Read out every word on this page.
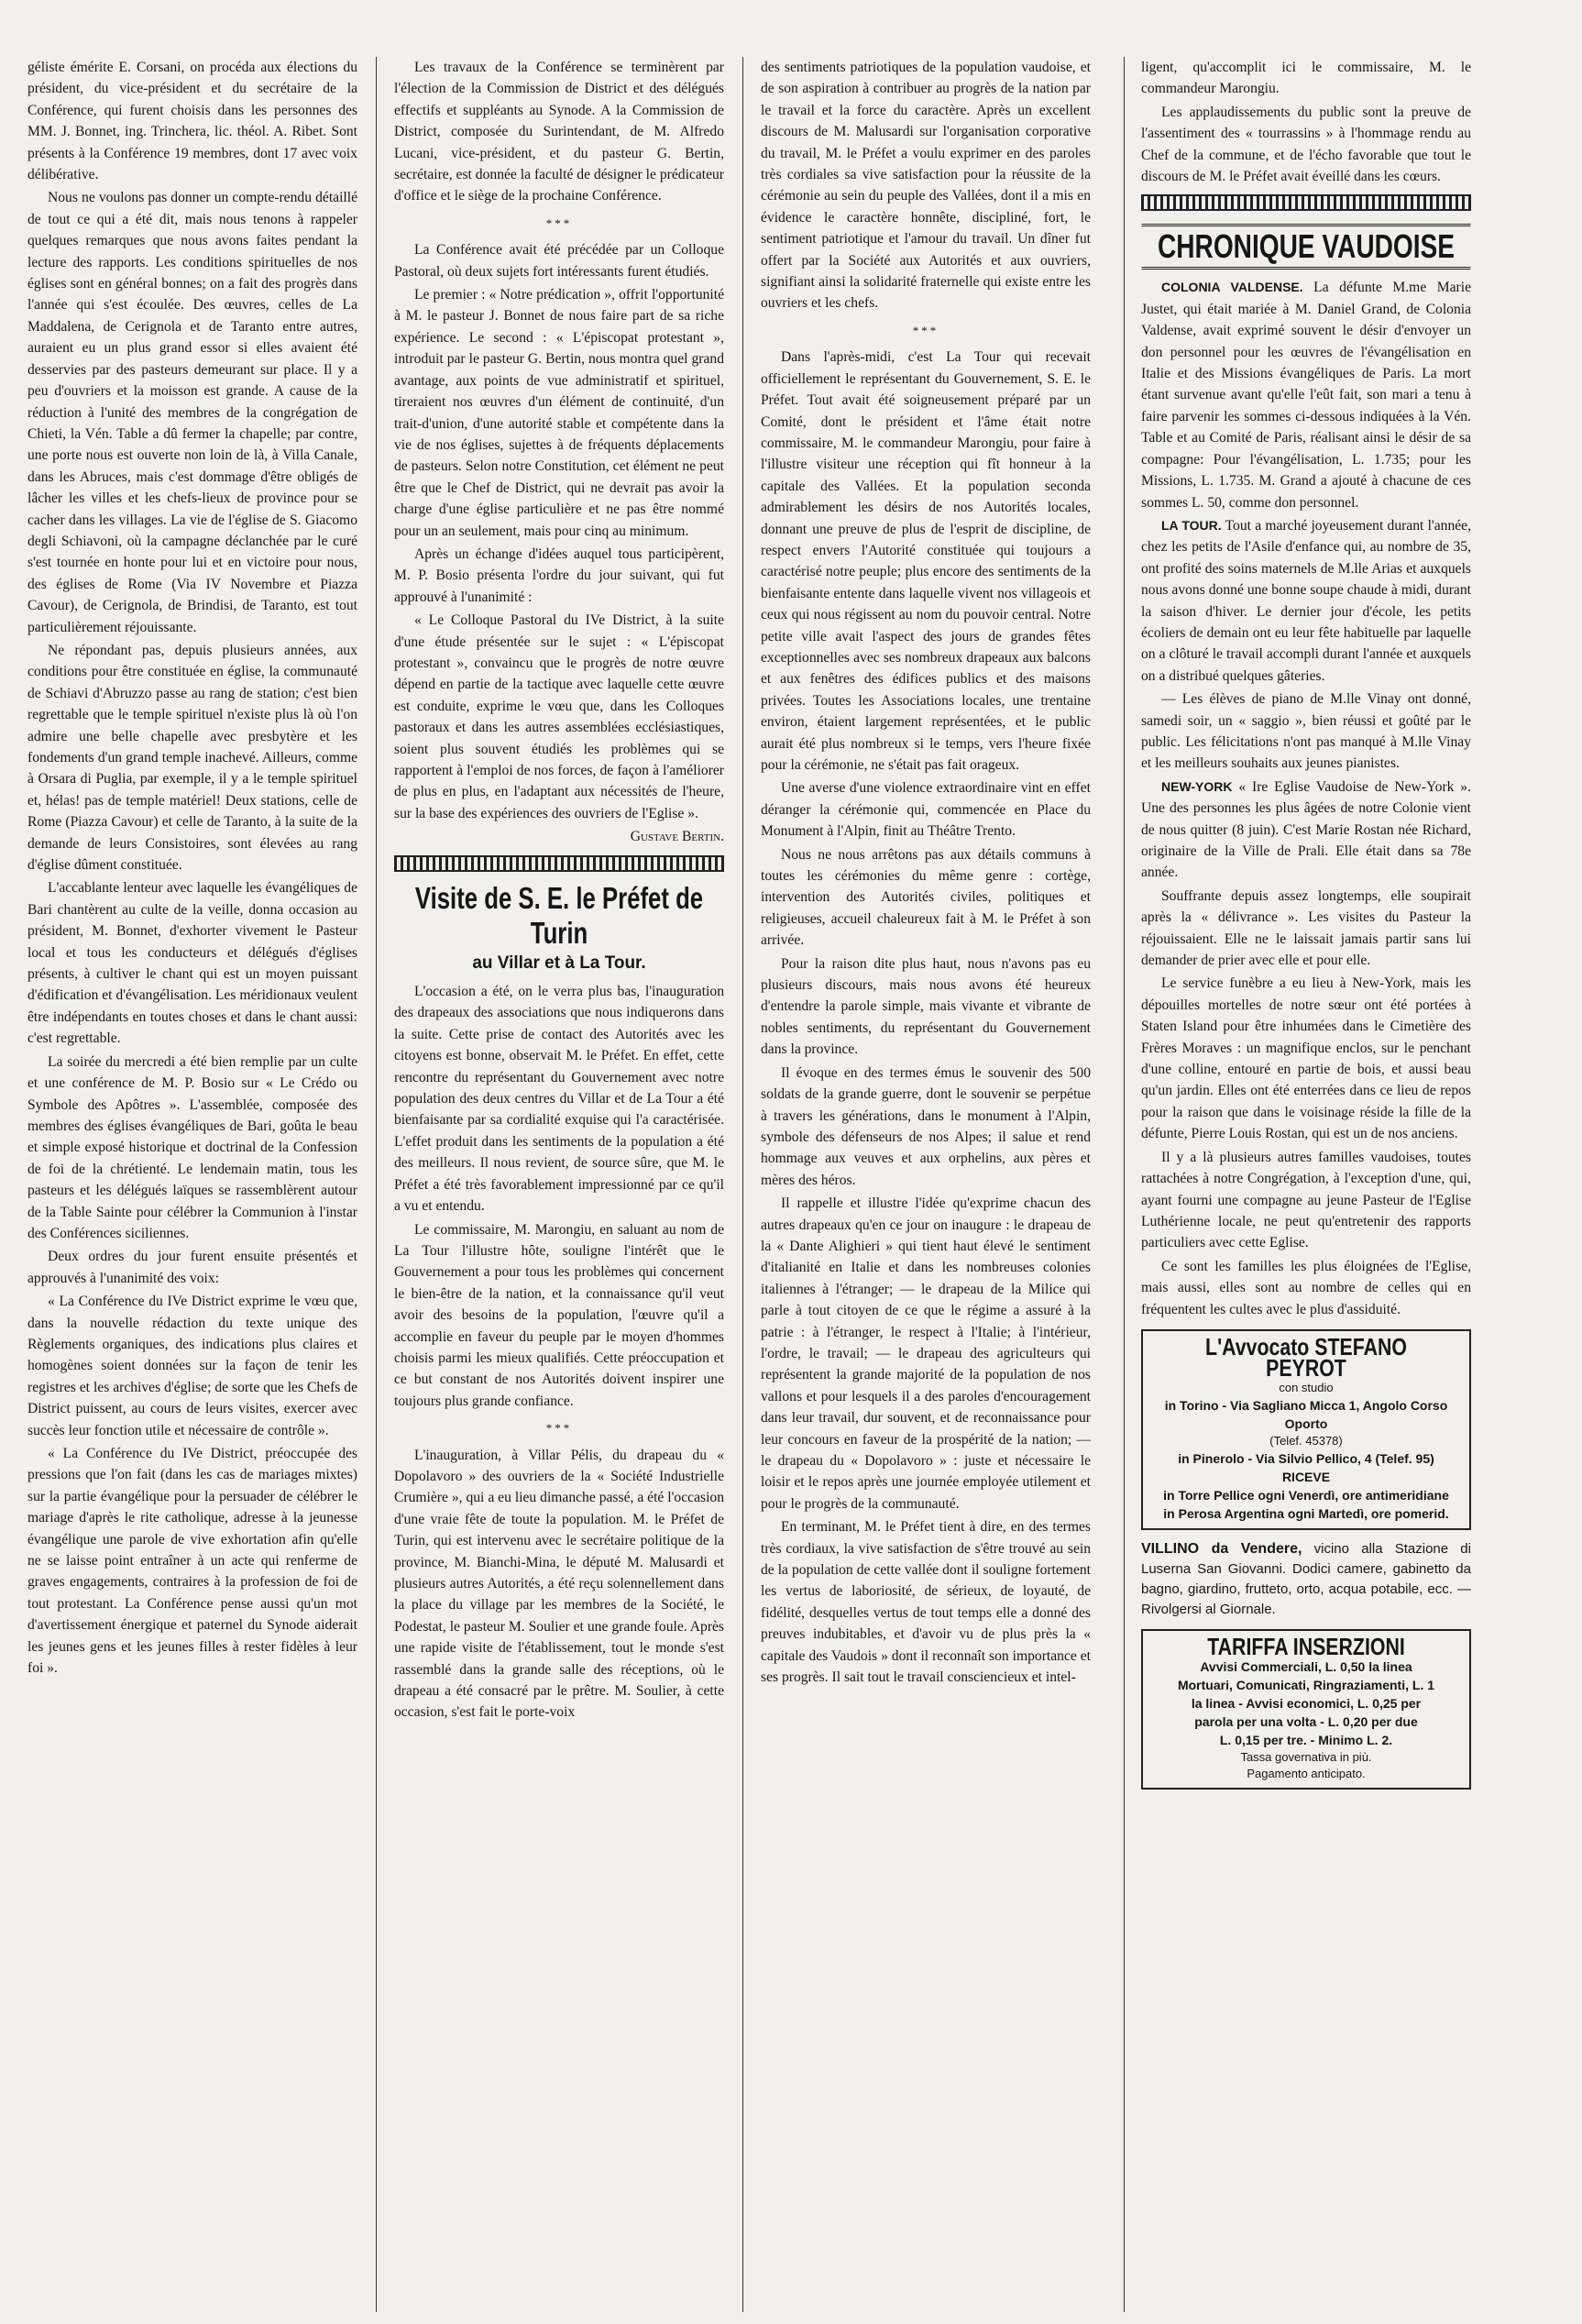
géliste émérite E. Corsani, on procéda aux élections du président, du vice-président et du secrétaire de la Conférence, qui furent choisis dans les personnes des MM. J. Bonnet, ing. Trinchera, lic. théol. A. Ribet. Sont présents à la Conférence 19 membres, dont 17 avec voix délibérative.

Nous ne voulons pas donner un compte-rendu détaillé de tout ce qui a été dit, mais nous tenons à rappeler quelques remarques que nous avons faites pendant la lecture des rapports. Les conditions spirituelles de nos églises sont en général bonnes; on a fait des progrès dans l'année qui s'est écoulée. Des œuvres, celles de La Maddalena, de Cerignola et de Taranto entre autres, auraient eu un plus grand essor si elles avaient été desservies par des pasteurs demeurant sur place. Il y a peu d'ouvriers et la moisson est grande. A cause de la réduction à l'unité des membres de la congrégation de Chieti, la Vén. Table a dû fermer la chapelle; par contre, une porte nous est ouverte non loin de là, à Villa Canale, dans les Abruces, mais c'est dommage d'être obligés de lâcher les villes et les chefs-lieux de province pour se cacher dans les villages. La vie de l'église de S. Giacomo degli Schiavoni, où la campagne déclanchée par le curé s'est tournée en honte pour lui et en victoire pour nous, des églises de Rome (Via IV Novembre et Piazza Cavour), de Cerignola, de Brindisi, de Taranto, est tout particulièrement réjouissante.

Ne répondant pas, depuis plusieurs années, aux conditions pour être constituée en église, la communauté de Schiavi d'Abruzzo passe au rang de station; c'est bien regrettable que le temple spirituel n'existe plus là où l'on admire une belle chapelle avec presbytère et les fondements d'un grand temple inachevé. Ailleurs, comme à Orsara di Puglia, par exemple, il y a le temple spirituel et, hélas! pas de temple matériel! Deux stations, celle de Rome (Piazza Cavour) et celle de Taranto, à la suite de la demande de leurs Consistoires, sont élevées au rang d'église dûment constituée.

L'accablante lenteur avec laquelle les évangéliques de Bari chantèrent au culte de la veille, donna occasion au président, M. Bonnet, d'exhorter vivement le Pasteur local et tous les conducteurs et délégués d'églises présents, à cultiver le chant qui est un moyen puissant d'édification et d'évangélisation. Les méridionaux veulent être indépendants en toutes choses et dans le chant aussi: c'est regrettable.

La soirée du mercredi a été bien remplie par un culte et une conférence de M. P. Bosio sur « Le Crédo ou Symbole des Apôtres ». L'assemblée, composée des membres des églises évangéliques de Bari, goûta le beau et simple exposé historique et doctrinal de la Confession de foi de la chrétienté. Le lendemain matin, tous les pasteurs et les délégués laïques se rassemblèrent autour de la Table Sainte pour célébrer la Communion à l'instar des Conférences siciliennes.

Deux ordres du jour furent ensuite présentés et approuvés à l'unanimité des voix:

« La Conférence du IVe District exprime le vœu que, dans la nouvelle rédaction du texte unique des Règlements organiques, des indications plus claires et homogènes soient données sur la façon de tenir les registres et les archives d'église; de sorte que les Chefs de District puissent, au cours de leurs visites, exercer avec succès leur fonction utile et nécessaire de contrôle ».

« La Conférence du IVe District, préoccupée des pressions que l'on fait (dans les cas de mariages mixtes) sur la partie évangélique pour la persuader de célébrer le mariage d'après le rite catholique, adresse à la jeunesse évangélique une parole de vive exhortation afin qu'elle ne se laisse point entraîner à un acte qui renferme de graves engagements, contraires à la profession de foi de tout protestant. La Conférence pense aussi qu'un mot d'avertissement énergique et paternel du Synode aiderait les jeunes gens et les jeunes filles à rester fidèles à leur foi ».

Les travaux de la Conférence se terminèrent par l'élection de la Commission de District et des délégués effectifs et suppléants au Synode. A la Commission de District, composée du Surintendant, de M. Alfredo Lucani, vice-président, et du pasteur G. Bertin, secrétaire, est donnée la faculté de désigner le prédicateur d'office et le siège de la prochaine Conférence.

***

La Conférence avait été précédée par un Colloque Pastoral, où deux sujets fort intéressants furent étudiés.

Le premier : « Notre prédication », offrit l'opportunité à M. le pasteur J. Bonnet de nous faire part de sa riche expérience. Le second : « L'épiscopat protestant », introduit par le pasteur G. Bertin, nous montra quel grand avantage, aux points de vue administratif et spirituel, tireraient nos œuvres d'un élément de continuité, d'un trait-d'union, d'une autorité stable et compétente dans la vie de nos églises, sujettes à de fréquents déplacements de pasteurs. Selon notre Constitution, cet élément ne peut être que le Chef de District, qui ne devrait pas avoir la charge d'une église particulière et ne pas être nommé pour un an seulement, mais pour cinq au minimum.

Après un échange d'idées auquel tous participèrent, M. P. Bosio présenta l'ordre du jour suivant, qui fut approuvé à l'unanimité :

« Le Colloque Pastoral du IVe District, à la suite d'une étude présentée sur le sujet : « L'épiscopat protestant », convaincu que le progrès de notre œuvre dépend en partie de la tactique avec laquelle cette œuvre est conduite, exprime le vœu que, dans les Colloques pastoraux et dans les autres assemblées ecclésiastiques, soient plus souvent étudiés les problèmes qui se rapportent à l'emploi de nos forces, de façon à l'améliorer de plus en plus, en l'adaptant aux nécessités de l'heure, sur la base des expériences des ouvriers de l'Eglise ».

Gustave Bertin.
Visite de S. E. le Préfet de Turin
au Villar et à La Tour.

L'occasion a été, on le verra plus bas, l'inauguration des drapeaux des associations que nous indiquerons dans la suite. Cette prise de contact des Autorités avec les citoyens est bonne, observait M. le Préfet. En effet, cette rencontre du représentant du Gouvernement avec notre population des deux centres du Villar et de La Tour a été bienfaisante par sa cordialité exquise qui l'a caractérisée. L'effet produit dans les sentiments de la population a été des meilleurs. Il nous revient, de source sûre, que M. le Préfet a été très favorablement impressionné par ce qu'il a vu et entendu.

Le commissaire, M. Marongiu, en saluant au nom de La Tour l'illustre hôte, souligne l'intérêt que le Gouvernement a pour tous les problèmes qui concernent le bien-être de la nation, et la connaissance qu'il veut avoir des besoins de la population, l'œuvre qu'il a accomplie en faveur du peuple par le moyen d'hommes choisis parmi les mieux qualifiés. Cette préoccupation et ce but constant de nos Autorités doivent inspirer une toujours plus grande confiance.

***

L'inauguration, à Villar Pélis, du drapeau du « Dopolavoro » des ouvriers de la « Société Industrielle Crumière », qui a eu lieu dimanche passé, a été l'occasion d'une vraie fête de toute la population. M. le Préfet de Turin, qui est intervenu avec le secrétaire politique de la province, M. Bianchi-Mina, le député M. Malusardi et plusieurs autres Autorités, a été reçu solennellement dans la place du village par les membres de la Société, le Podestat, le pasteur M. Soulier et une grande foule. Après une rapide visite de l'établissement, tout le monde s'est rassemblé dans la grande salle des réceptions, où le drapeau a été consacré par le prêtre. M. Soulier, à cette occasion, s'est fait le porte-voix

des sentiments patriotiques de la population vaudoise, et de son aspiration à contribuer au progrès de la nation par le travail et la force du caractère. Après un excellent discours de M. Malusardi sur l'organisation corporative du travail, M. le Préfet a voulu exprimer en des paroles très cordiales sa vive satisfaction pour la réussite de la cérémonie au sein du peuple des Vallées, dont il a mis en évidence le caractère honnête, discipliné, fort, le sentiment patriotique et l'amour du travail. Un dîner fut offert par la Société aux Autorités et aux ouvriers, signifiant ainsi la solidarité fraternelle qui existe entre les ouvriers et les chefs.

***

Dans l'après-midi, c'est La Tour qui recevait officiellement le représentant du Gouvernement, S. E. le Préfet. Tout avait été soigneusement préparé par un Comité, dont le président et l'âme était notre commissaire, M. le commandeur Marongiu, pour faire à l'illustre visiteur une réception qui fît honneur à la capitale des Vallées. Et la population seconda admirablement les désirs de nos Autorités locales, donnant une preuve de plus de l'esprit de discipline, de respect envers l'Autorité constituée qui toujours a caractérisé notre peuple; plus encore des sentiments de la bienfaisante entente dans laquelle vivent nos villageois et ceux qui nous régissent au nom du pouvoir central. Notre petite ville avait l'aspect des jours de grandes fêtes exceptionnelles avec ses nombreux drapeaux aux balcons et aux fenêtres des édifices publics et des maisons privées. Toutes les Associations locales, une trentaine environ, étaient largement représentées, et le public aurait été plus nombreux si le temps, vers l'heure fixée pour la cérémonie, ne s'était pas fait orageux.

Une averse d'une violence extraordinaire vint en effet déranger la cérémonie qui, commencée en Place du Monument à l'Alpin, finit au Théâtre Trento.

Nous ne nous arrêtons pas aux détails communs à toutes les cérémonies du même genre : cortège, intervention des Autorités civiles, politiques et religieuses, accueil chaleureux fait à M. le Préfet à son arrivée.

Pour la raison dite plus haut, nous n'avons pas eu plusieurs discours, mais nous avons été heureux d'entendre la parole simple, mais vivante et vibrante de nobles sentiments, du représentant du Gouvernement dans la province.

Il évoque en des termes émus le souvenir des 500 soldats de la grande guerre, dont le souvenir se perpétue à travers les générations, dans le monument à l'Alpin, symbole des défenseurs de nos Alpes; il salue et rend hommage aux veuves et aux orphelins, aux pères et mères des héros.

Il rappelle et illustre l'idée qu'exprime chacun des autres drapeaux qu'en ce jour on inaugure : le drapeau de la « Dante Alighieri » qui tient haut élevé le sentiment d'italianité en Italie et dans les nombreuses colonies italiennes à l'étranger; — le drapeau de la Milice qui parle à tout citoyen de ce que le régime a assuré à la patrie : à l'étranger, le respect à l'Italie; à l'intérieur, l'ordre, le travail; — le drapeau des agriculteurs qui représentent la grande majorité de la population de nos vallons et pour lesquels il a des paroles d'encouragement dans leur travail, dur souvent, et de reconnaissance pour leur concours en faveur de la prospérité de la nation; — le drapeau du « Dopolavoro » : juste et nécessaire le loisir et le repos après une journée employée utilement et pour le progrès de la communauté.

En terminant, M. le Préfet tient à dire, en des termes très cordiaux, la vive satisfaction de s'être trouvé au sein de la population de cette vallée dont il souligne fortement les vertus de laboriosité, de sérieux, de loyauté, de fidélité, desquelles vertus de tout temps elle a donné des preuves indubitables, et d'avoir vu de plus près la « capitale des Vaudois » dont il reconnaît son importance et ses progrès. Il sait tout le travail consciencieux et intel-

ligent, qu'accomplit ici le commissaire, M. le commandeur Marongiu.

Les applaudissements du public sont la preuve de l'assentiment des « tourrassins » à l'hommage rendu au Chef de la commune, et de l'écho favorable que tout le discours de M. le Préfet avait éveillé dans les cœurs.

CHRONIQUE VAUDOISE

COLONIA VALDENSE. La défunte M.me Marie Justet, qui était mariée à M. Daniel Grand, de Colonia Valdense, avait exprimé souvent le désir d'envoyer un don personnel pour les œuvres de l'évangélisation en Italie et des Missions évangéliques de Paris. La mort étant survenue avant qu'elle l'eût fait, son mari a tenu à faire parvenir les sommes ci-dessous indiquées à la Vén. Table et au Comité de Paris, réalisant ainsi le désir de sa compagne: Pour l'évangélisation, L. 1.735; pour les Missions, L. 1.735. M. Grand a ajouté à chacune de ces sommes L. 50, comme don personnel.

LA TOUR. Tout a marché joyeusement durant l'année, chez les petits de l'Asile d'enfance qui, au nombre de 35, ont profité des soins maternels de M.lle Arias et auxquels nous avons donné une bonne soupe chaude à midi, durant la saison d'hiver. Le dernier jour d'école, les petits écoliers de demain ont eu leur fête habituelle par laquelle on a clôturé le travail accompli durant l'année et auxquels on a distribué quelques gâteries.

— Les élèves de piano de M.lle Vinay ont donné, samedi soir, un « saggio », bien réussi et goûté par le public. Les félicitations n'ont pas manqué à M.lle Vinay et les meilleurs souhaits aux jeunes pianistes.

NEW-YORK « Ire Eglise Vaudoise de New-York ». Une des personnes les plus âgées de notre Colonie vient de nous quitter (8 juin). C'est Marie Rostan née Richard, originaire de la Ville de Prali. Elle était dans sa 78e année.

Souffrante depuis assez longtemps, elle soupirait après la « délivrance ». Les visites du Pasteur la réjouissaient. Elle ne le laissait jamais partir sans lui demander de prier avec elle et pour elle.

Le service funèbre a eu lieu à New-York, mais les dépouilles mortelles de notre sœur ont été portées à Staten Island pour être inhumées dans le Cimetière des Frères Moraves : un magnifique enclos, sur le penchant d'une colline, entouré en partie de bois, et aussi beau qu'un jardin. Elles ont été enterrées dans ce lieu de repos pour la raison que dans le voisinage réside la fille de la défunte, Pierre Louis Rostan, qui est un de nos anciens.

Il y a là plusieurs autres familles vaudoises, toutes rattachées à notre Congrégation, à l'exception d'une, qui, ayant fourni une compagne au jeune Pasteur de l'Eglise Luthérienne locale, ne peut qu'entretenir des rapports particuliers avec cette Eglise.

Ce sont les familles les plus éloignées de l'Eglise, mais aussi, elles sont au nombre de celles qui en fréquentent les cultes avec le plus d'assiduité.

L'Avvocato STEFANO PEYROT
con studio
in Torino - Via Sagliano Micca 1, Angolo Corso Oporto
(Telef. 45378)
in Pinerolo - Via Silvio Pellico, 4 (Telef. 95)
RICEVE
in Torre Pellice ogni Venerdì, ore antimeridiane
in Perosa Argentina ogni Martedì, ore pomerid.
VILLINO da Vendere, vicino alla Stazione di Luserna San Giovanni. Dodici camere, gabinetto da bagno, giardino, frutteto, orto, acqua potabile, ecc. — Rivolgersi al Giornale.
TARIFFA INSERZIONI
Avvisi Commerciali, L. 0,50 la linea
Mortuari, Comunicati, Ringraziamenti, L. 1
la linea - Avvisi economici, L. 0,25 per
parola per una volta - L. 0,20 per due
L. 0,15 per tre. - Minimo L. 2.
Tassa governativa in più.
Pagamento anticipato.
